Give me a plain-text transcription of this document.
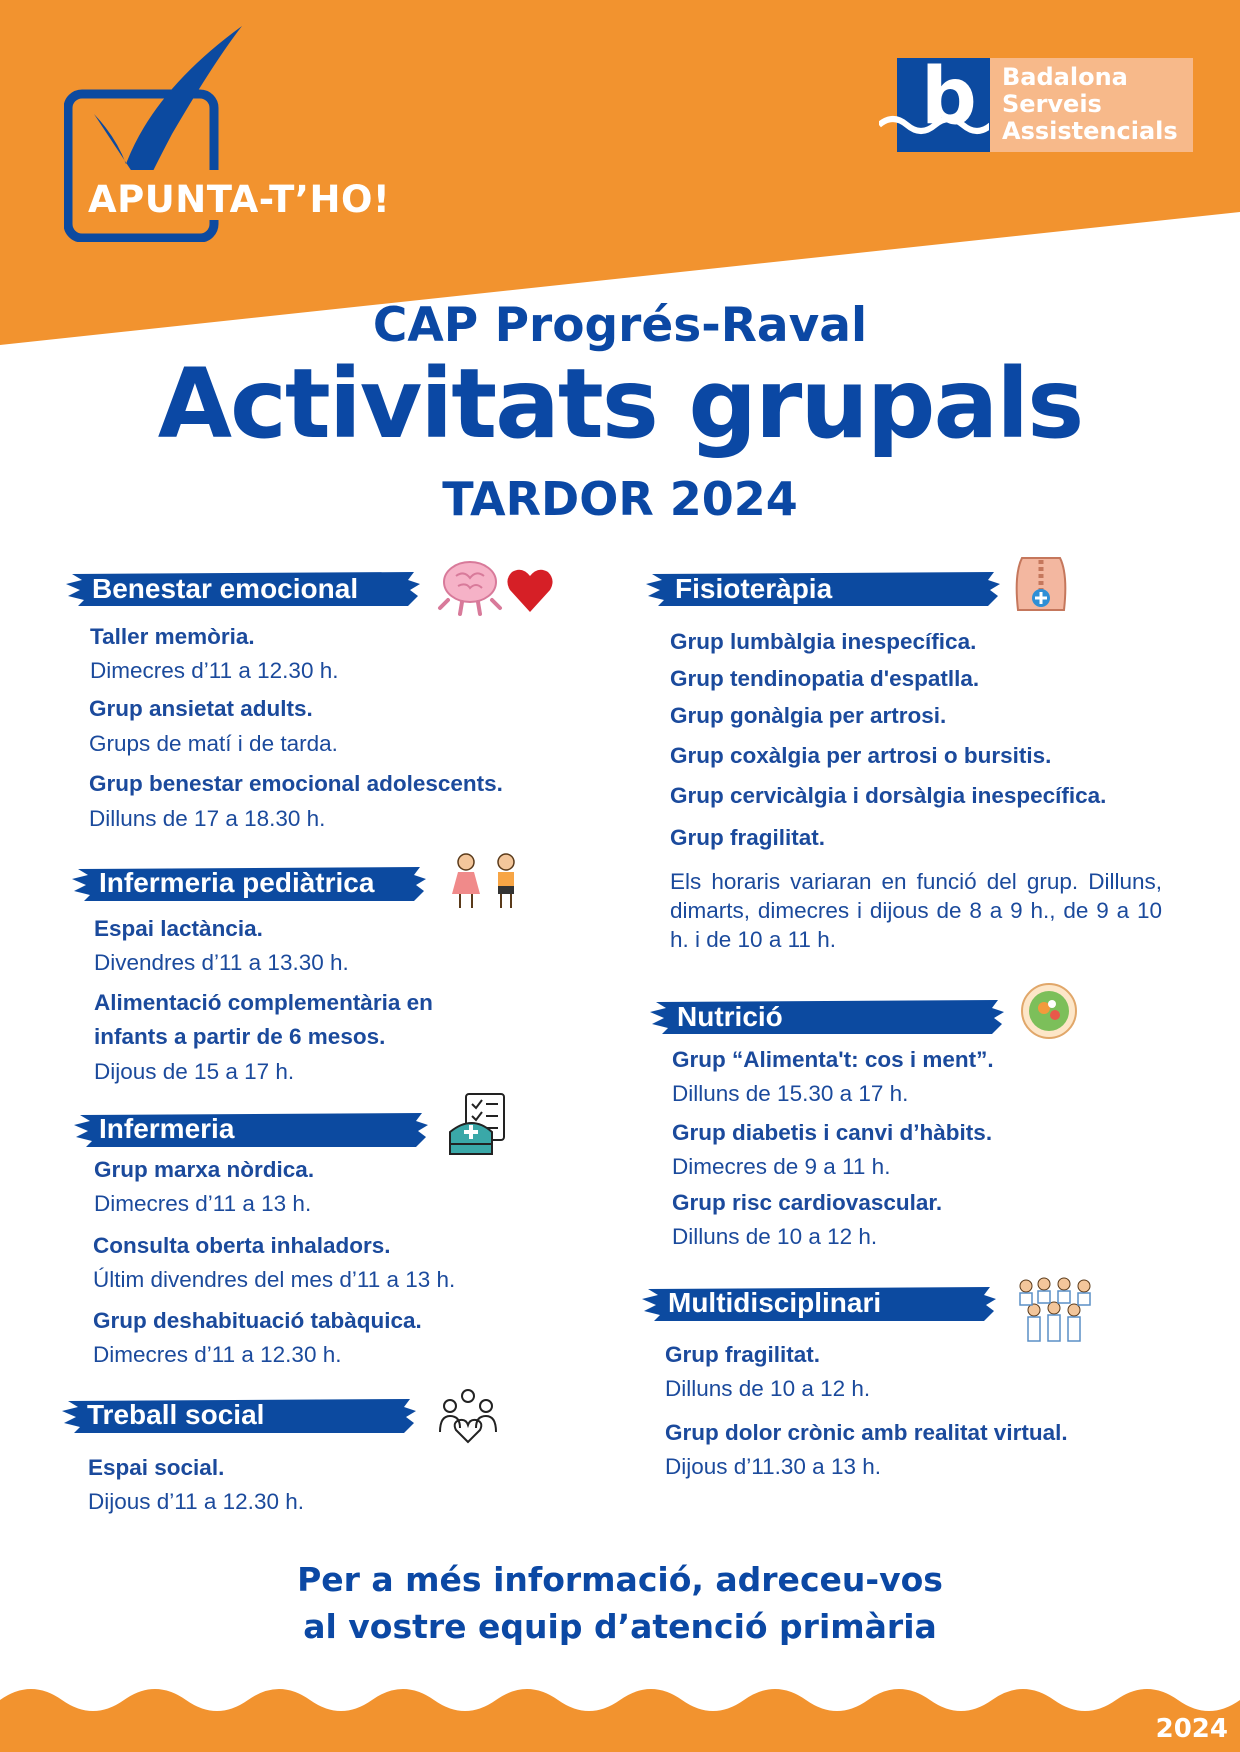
APUNTA-T’HO!
b Badalona
Serveis
Assistencials
CAP Progrés-Raval
Activitats grupals
TARDOR 2024
Benestar emocional
Taller memòria.
Dimecres d’11 a 12.30 h.
Grup ansietat adults.
Grups de matí i de tarda.
Grup benestar emocional adolescents.
Dilluns de 17 a 18.30 h.
Infermeria pediàtrica
Espai lactància.
Divendres d’11 a 13.30 h.
Alimentació complementària en
infants a partir de 6 mesos.
Dijous de 15 a 17 h.
Infermeria
Grup marxa nòrdica.
Dimecres d’11 a 13 h.
Consulta oberta inhaladors.
Últim divendres del mes d’11 a 13 h.
Grup deshabituació tabàquica.
Dimecres d’11 a 12.30 h.
Treball social
Espai social.
Dijous d’11 a 12.30 h.
Fisioteràpia
Grup lumbàlgia inespecífica.
Grup tendinopatia d'espatlla.
Grup gonàlgia per artrosi.
Grup coxàlgia per artrosi o bursitis.
Grup cervicàlgia i dorsàlgia inespecífica.
Grup fragilitat.
Els horaris variaran en funció del grup. Dilluns, dimarts, dimecres i dijous de 8 a 9 h., de 9 a 10 h. i de 10 a 11 h.
Nutrició
Grup “Alimenta't: cos i ment”.
Dilluns de 15.30 a 17 h.
Grup diabetis i canvi d’hàbits.
Dimecres de 9 a 11 h.
Grup risc cardiovascular.
Dilluns de 10 a 12 h.
Multidisciplinari
Grup fragilitat.
Dilluns de 10 a 12 h.
Grup dolor crònic amb realitat virtual.
Dijous d’11.30 a 13 h.
Per a més informació, adreceu-vos
al vostre equip d’atenció primària
2024
